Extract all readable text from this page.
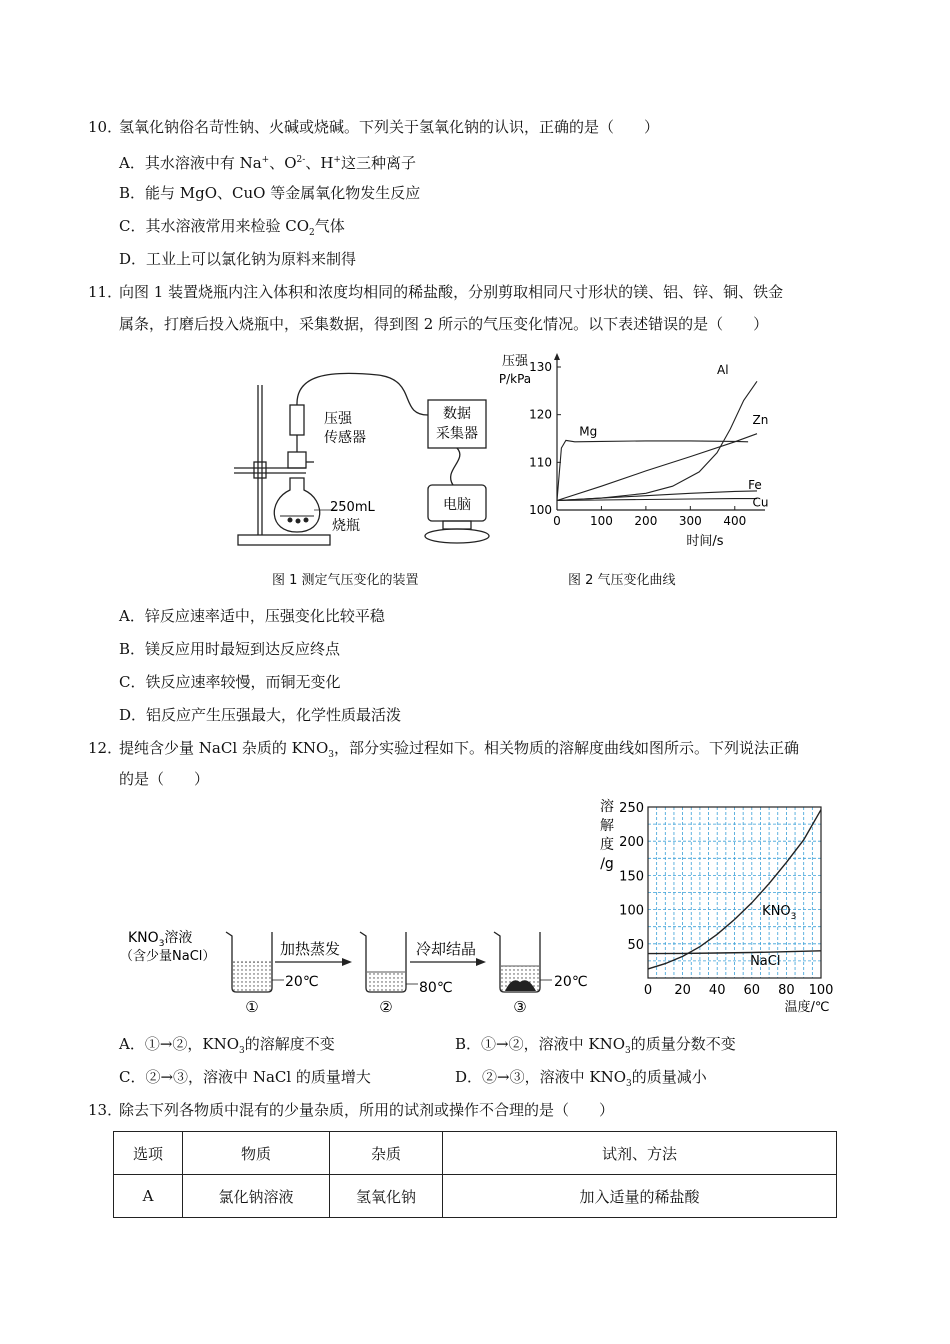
10．
氢氧化钠俗名苛性钠、火碱或烧碱。下列关于氢氧化钠的认识，正确的是（　　）
A．其水溶液中有 Na+、$O^{2-}$、H+这三种离子
B．能与 MgO、CuO 等金属氧化物发生反应
C．其水溶液常用来检验 $CO_2$气体
D．工业上可以氯化钠为原料来制得
11．
向图 1 装置烧瓶内注入体积和浓度均相同的稀盐酸，分别剪取相同尺寸形状的镁、铝、锌、铜、铁金
属条，打磨后投入烧瓶中，采集数据，得到图 2 所示的气压变化情况。以下表述错误的是（　　）
压强
传感器
数据
采集器
电脑
250mL
烧瓶
图 1 测定气压变化的装置
压强
P/kPa
时间/s
100
110
120
130
0 100 200 300 400
Mg
Al
Zn
Fe
Cu
图 2 气压变化曲线
A．锌反应速率适中，压强变化比较平稳
B．镁反应用时最短到达反应终点
C．铁反应速率较慢，而铜无变化
D．铝反应产生压强最大，化学性质最活泼
12．
提纯含少量 NaCl 杂质的 $KNO_3$，部分实验过程如下。相关物质的溶解度曲线如图所示。下列说法正确
的是（　　）
$KNO_3$溶液
（含少量NaCl）	加热蒸发	冷却结晶
20℃	80℃	20℃
①	②	③
溶
解
度
/g
温度/℃
50
100
150
200
250
0 20 40 60 80 100
$KNO_3$
NaCl
A．①→②，$KNO_3$的溶解度不变	B．①→②，溶液中 $KNO_3$的质量分数不变
C．②→③，溶液中 NaCl 的质量增大	D．②→③，溶液中 $KNO_3$的质量减小
13．
除去下列各物质中混有的少量杂质，所用的试剂或操作不合理的是（　　）
选项	物质	杂质	试剂、方法
A	氯化钠溶液	氢氧化钠	加入适量的稀盐酸
